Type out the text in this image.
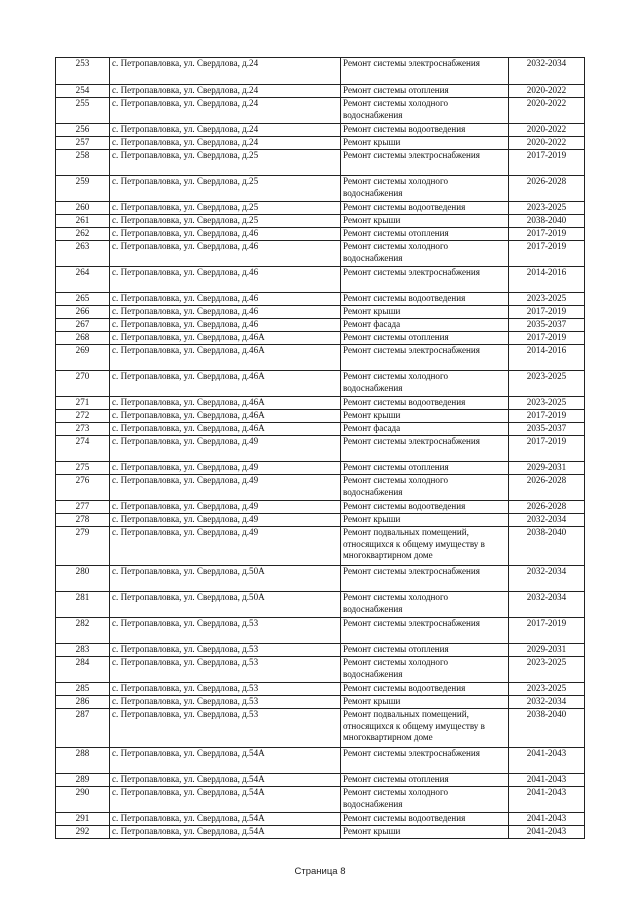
253	с. Петропавловка, ул. Свердлова, д.24	Ремонт системы электроснабжения	2032-2034
254	с. Петропавловка, ул. Свердлова, д.24	Ремонт системы отопления	2020-2022
255	с. Петропавловка, ул. Свердлова, д.24	Ремонт системы холодного водоснабжения	2020-2022
256	с. Петропавловка, ул. Свердлова, д.24	Ремонт системы водоотведения	2020-2022
257	с. Петропавловка, ул. Свердлова, д.24	Ремонт крыши	2020-2022
258	с. Петропавловка, ул. Свердлова, д.25	Ремонт системы электроснабжения	2017-2019
259	с. Петропавловка, ул. Свердлова, д.25	Ремонт системы холодного водоснабжения	2026-2028
260	с. Петропавловка, ул. Свердлова, д.25	Ремонт системы водоотведения	2023-2025
261	с. Петропавловка, ул. Свердлова, д.25	Ремонт крыши	2038-2040
262	с. Петропавловка, ул. Свердлова, д.46	Ремонт системы отопления	2017-2019
263	с. Петропавловка, ул. Свердлова, д.46	Ремонт системы холодного водоснабжения	2017-2019
264	с. Петропавловка, ул. Свердлова, д.46	Ремонт системы электроснабжения	2014-2016
265	с. Петропавловка, ул. Свердлова, д.46	Ремонт системы водоотведения	2023-2025
266	с. Петропавловка, ул. Свердлова, д.46	Ремонт крыши	2017-2019
267	с. Петропавловка, ул. Свердлова, д.46	Ремонт фасада	2035-2037
268	с. Петропавловка, ул. Свердлова, д.46А	Ремонт системы отопления	2017-2019
269	с. Петропавловка, ул. Свердлова, д.46А	Ремонт системы электроснабжения	2014-2016
270	с. Петропавловка, ул. Свердлова, д.46А	Ремонт системы холодного водоснабжения	2023-2025
271	с. Петропавловка, ул. Свердлова, д.46А	Ремонт системы водоотведения	2023-2025
272	с. Петропавловка, ул. Свердлова, д.46А	Ремонт крыши	2017-2019
273	с. Петропавловка, ул. Свердлова, д.46А	Ремонт фасада	2035-2037
274	с. Петропавловка, ул. Свердлова, д.49	Ремонт системы электроснабжения	2017-2019
275	с. Петропавловка, ул. Свердлова, д.49	Ремонт системы отопления	2029-2031
276	с. Петропавловка, ул. Свердлова, д.49	Ремонт системы холодного водоснабжения	2026-2028
277	с. Петропавловка, ул. Свердлова, д.49	Ремонт системы водоотведения	2026-2028
278	с. Петропавловка, ул. Свердлова, д.49	Ремонт крыши	2032-2034
279	с. Петропавловка, ул. Свердлова, д.49	Ремонт подвальных помещений, относящихся к общему имуществу в многоквартирном доме	2038-2040
280	с. Петропавловка, ул. Свердлова, д.50А	Ремонт системы электроснабжения	2032-2034
281	с. Петропавловка, ул. Свердлова, д.50А	Ремонт системы холодного водоснабжения	2032-2034
282	с. Петропавловка, ул. Свердлова, д.53	Ремонт системы электроснабжения	2017-2019
283	с. Петропавловка, ул. Свердлова, д.53	Ремонт системы отопления	2029-2031
284	с. Петропавловка, ул. Свердлова, д.53	Ремонт системы холодного водоснабжения	2023-2025
285	с. Петропавловка, ул. Свердлова, д.53	Ремонт системы водоотведения	2023-2025
286	с. Петропавловка, ул. Свердлова, д.53	Ремонт крыши	2032-2034
287	с. Петропавловка, ул. Свердлова, д.53	Ремонт подвальных помещений, относящихся к общему имуществу в многоквартирном доме	2038-2040
288	с. Петропавловка, ул. Свердлова, д.54А	Ремонт системы электроснабжения	2041-2043
289	с. Петропавловка, ул. Свердлова, д.54А	Ремонт системы отопления	2041-2043
290	с. Петропавловка, ул. Свердлова, д.54А	Ремонт системы холодного водоснабжения	2041-2043
291	с. Петропавловка, ул. Свердлова, д.54А	Ремонт системы водоотведения	2041-2043
292	с. Петропавловка, ул. Свердлова, д.54А	Ремонт крыши	2041-2043
Страница 8
